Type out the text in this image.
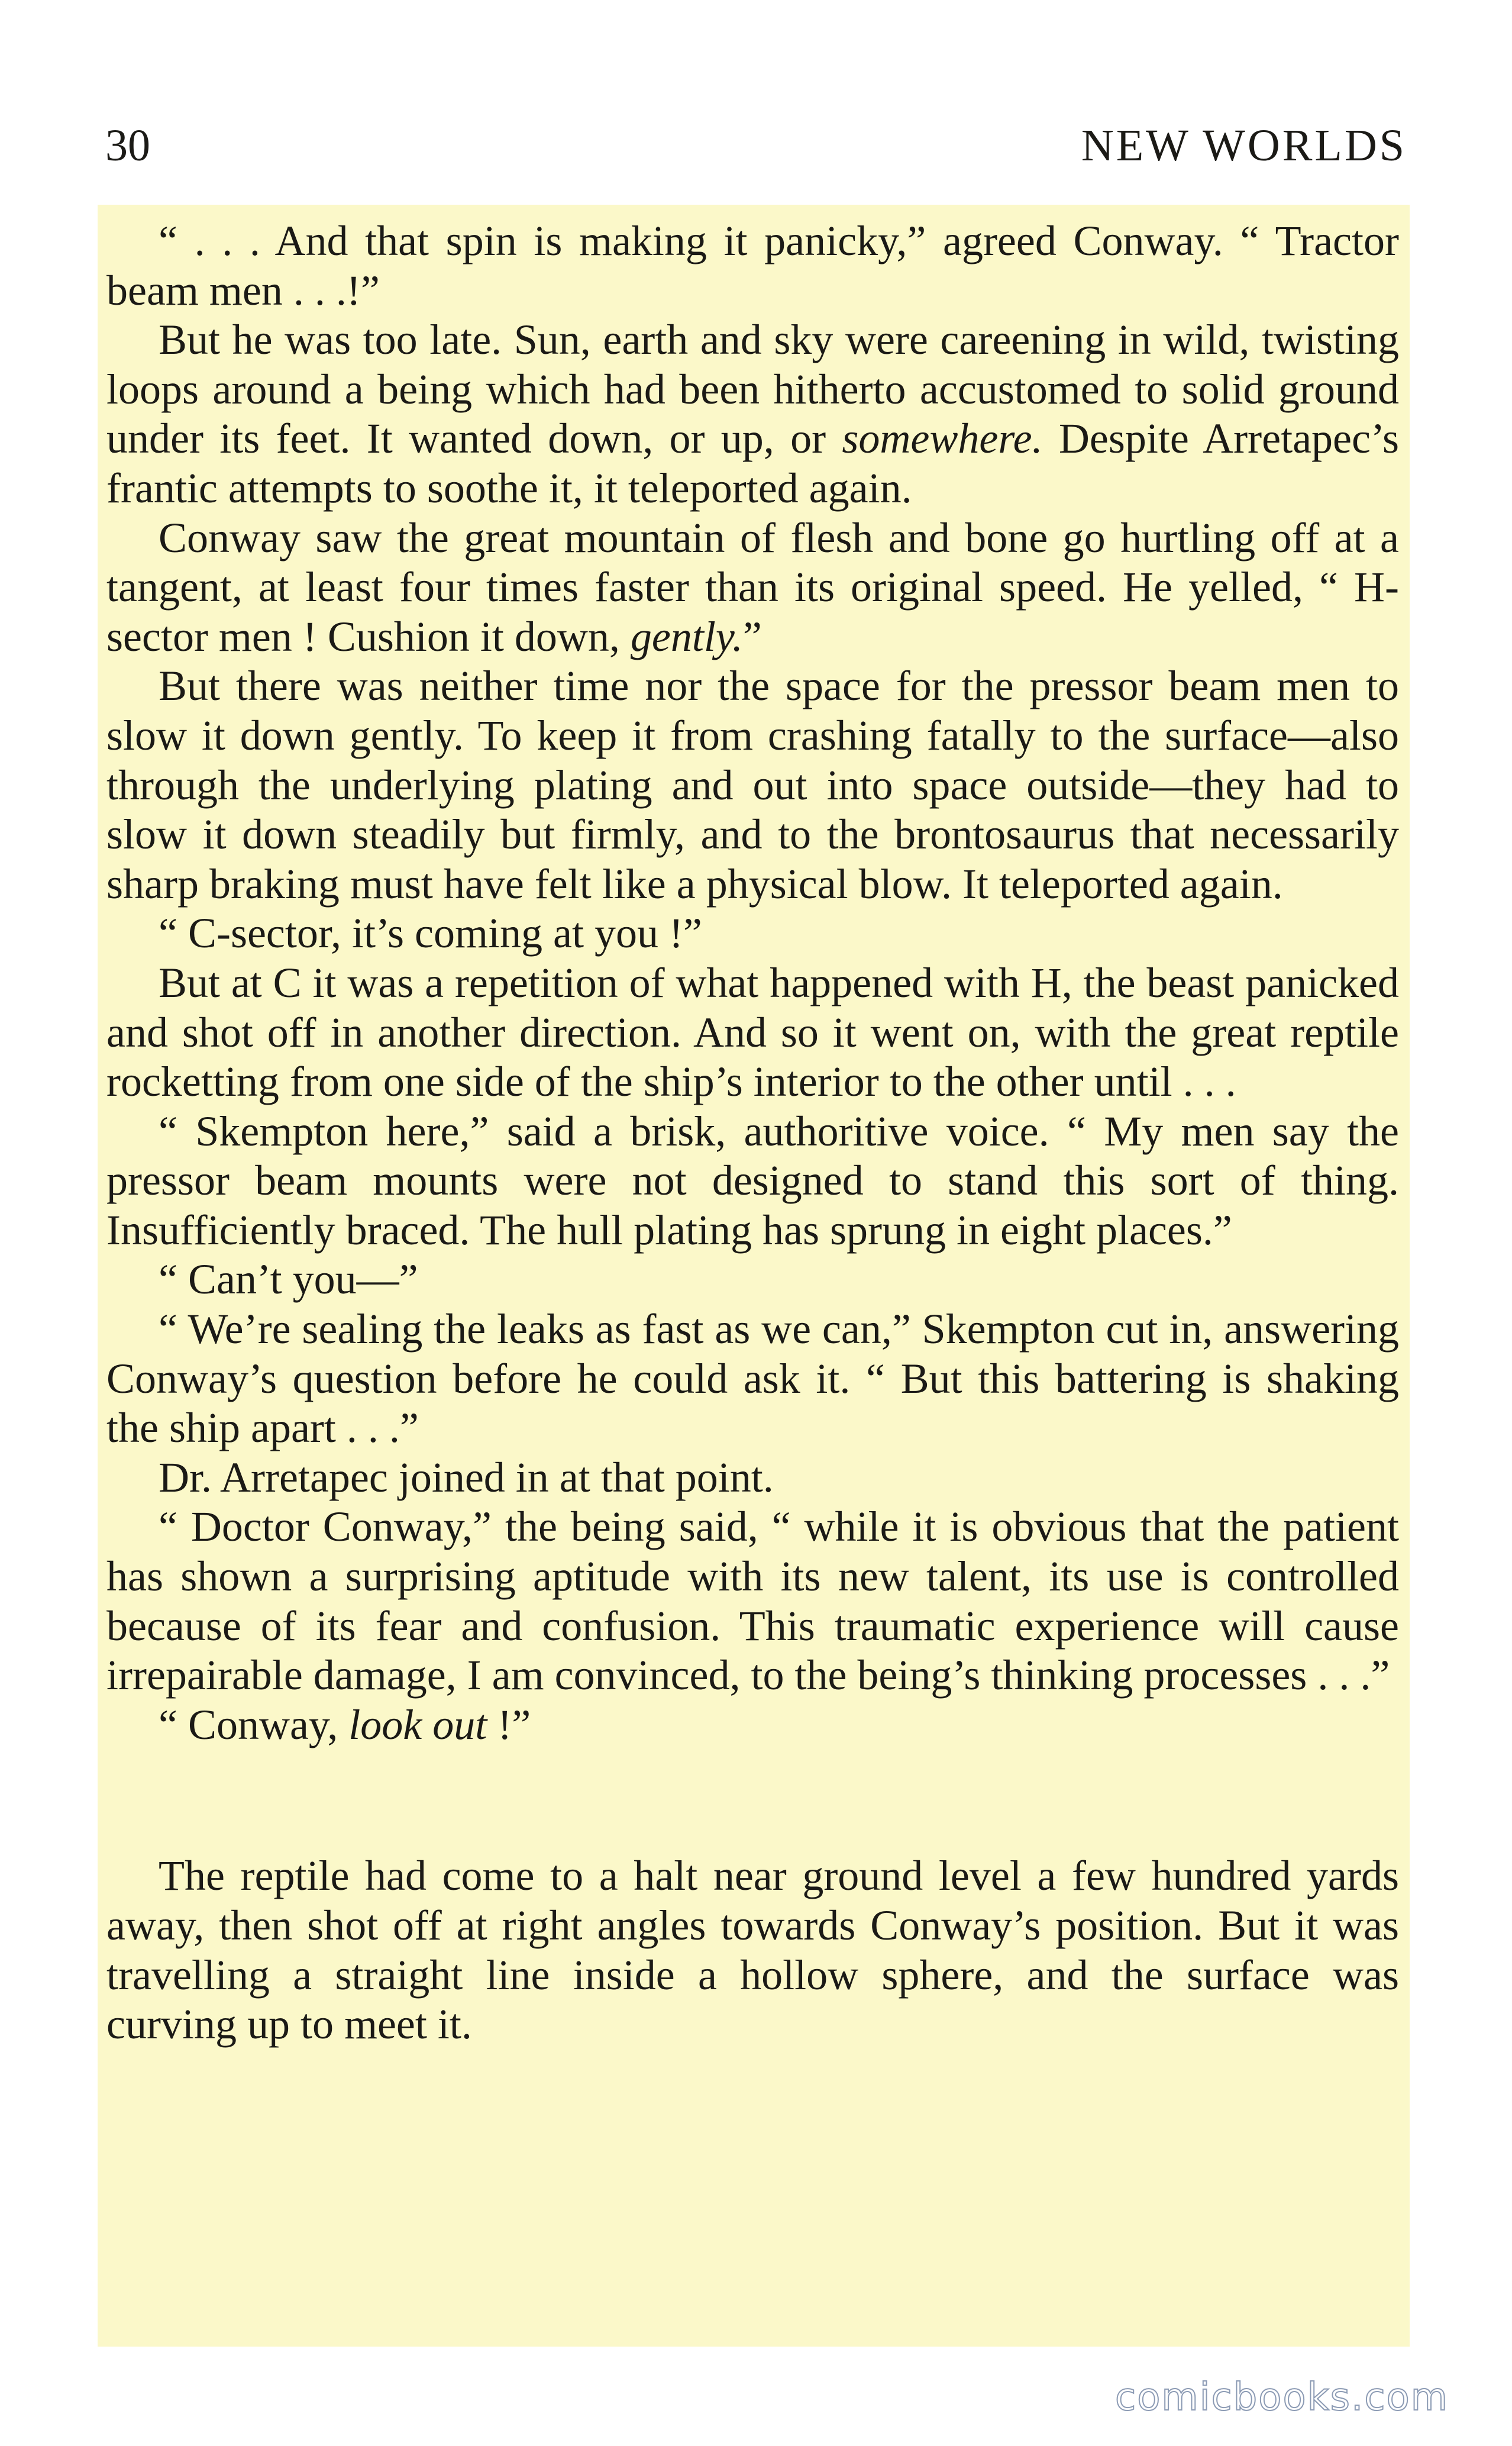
30	NEW WORLDS

“ . . . And that spin is making it panicky,” agreed Conway. “ Tractor beam men . . .!”

But he was too late. Sun, earth and sky were careening in wild, twisting loops around a being which had been hitherto accustomed to solid ground under its feet. It wanted down, or up, or somewhere. Despite Arretapec’s frantic attempts to soothe it, it teleported again.

Conway saw the great mountain of flesh and bone go hurtling off at a tangent, at least four times faster than its original speed. He yelled, “ H-sector men ! Cushion it down, gently.”

But there was neither time nor the space for the pressor beam men to slow it down gently. To keep it from crashing fatally to the surface—also through the underlying plating and out into space outside—they had to slow it down steadily but firmly, and to the brontosaurus that necessarily sharp braking must have felt like a physical blow. It teleported again.

“ C-sector, it’s coming at you !”

But at C it was a repetition of what happened with H, the beast panicked and shot off in another direction. And so it went on, with the great reptile rocketting from one side of the ship’s interior to the other until . . .

“ Skempton here,” said a brisk, authoritive voice. “ My men say the pressor beam mounts were not designed to stand this sort of thing. Insufficiently braced. The hull plating has sprung in eight places.”

“ Can’t you—”

“ We’re sealing the leaks as fast as we can,” Skempton cut in, answering Conway’s question before he could ask it. “ But this battering is shaking the ship apart . . .”

Dr. Arretapec joined in at that point.

“ Doctor Conway,” the being said, “ while it is obvious that the patient has shown a surprising aptitude with its new talent, its use is controlled because of its fear and confusion. This traumatic experience will cause irrepairable damage, I am convinced, to the being’s thinking processes . . .”

“ Conway, look out !”

The reptile had come to a halt near ground level a few hundred yards away, then shot off at right angles towards Conway’s position. But it was travelling a straight line inside a hollow sphere, and the surface was curving up to meet it.

comicbooks.com
